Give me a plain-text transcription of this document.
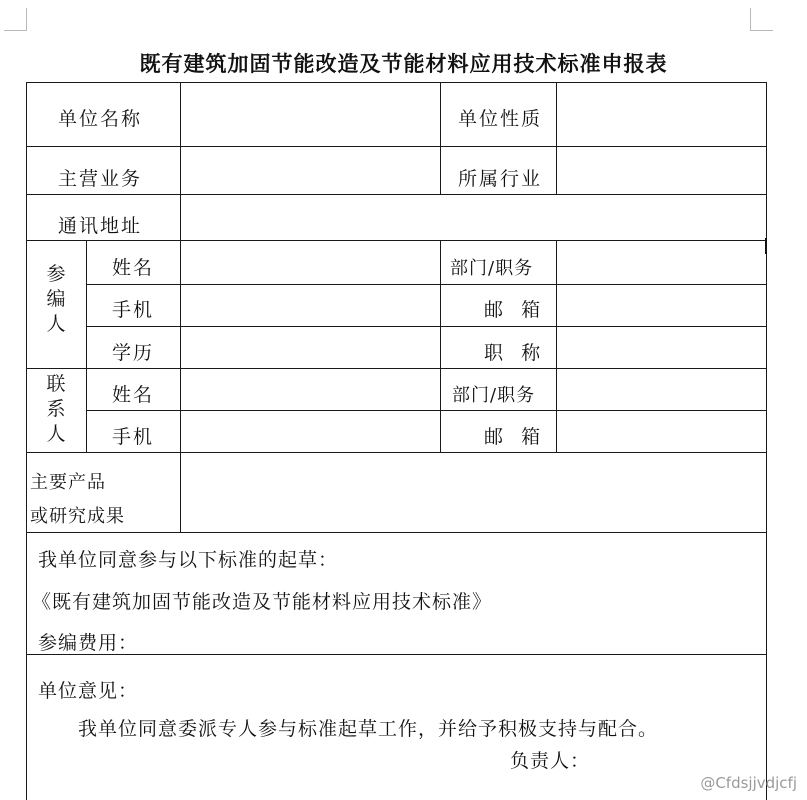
既有建筑加固节能改造及节能材料应用技术标准申报表
单位名称	单位性质
主营业务	所属行业
通讯地址
参
编
人
姓名	部门/职务
手机	邮  箱
学历	职  称
联
系
人
姓名	部门/职务
手机	邮  箱
主要产品
或研究成果
我单位同意参与以下标准的起草：
《既有建筑加固节能改造及节能材料应用技术标准》
参编费用：
单位意见：
我单位同意委派专人参与标准起草工作，并给予积极支持与配合。
负责人：
@Cfdsjjvdjcfj
